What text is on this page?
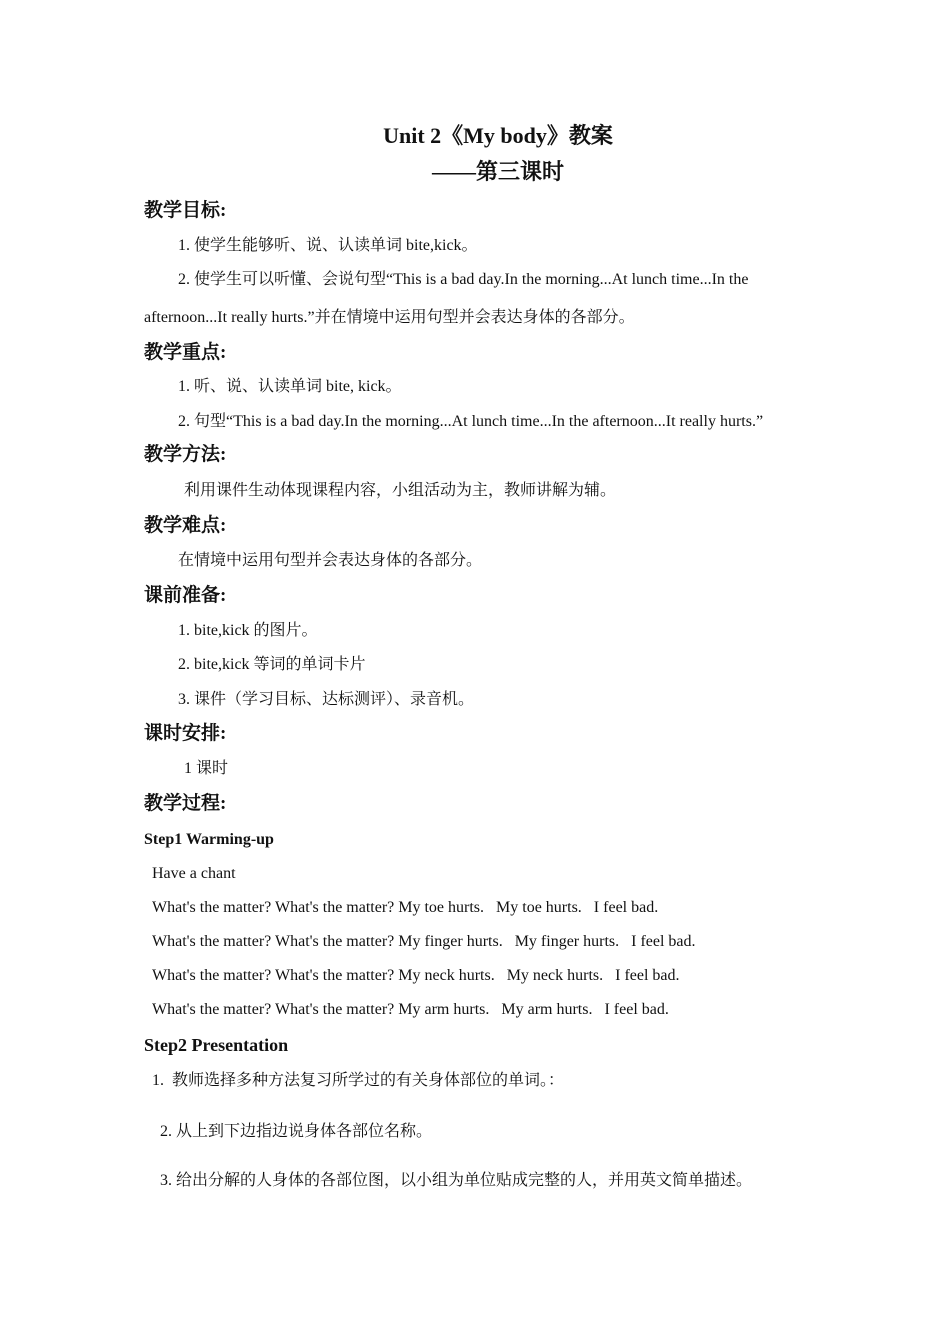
Unit 2《My body》教案
——第三课时
教学目标:
1. 使学生能够听、说、认读单词 bite,kick。
2. 使学生可以听懂、会说句型“This is a bad day.In the morning...At lunch time...In the
afternoon...It really hurts.”并在情境中运用句型并会表达身体的各部分。
教学重点:
1. 听、说、认读单词 bite, kick。
2. 句型“This is a bad day.In the morning...At lunch time...In the afternoon...It really hurts.”
教学方法:
利用课件生动体现课程内容，小组活动为主，教师讲解为辅。
教学难点:
在情境中运用句型并会表达身体的各部分。
课前准备:
1. bite,kick 的图片。
2. bite,kick 等词的单词卡片
3. 课件（学习目标、达标测评）、录音机。
课时安排:
1 课时
教学过程:
Step1 Warming-up
Have a chant
What's the matter? What's the matter? My toe hurts.   My toe hurts.   I feel bad.
What's the matter? What's the matter? My finger hurts.   My finger hurts.   I feel bad.
What's the matter? What's the matter? My neck hurts.   My neck hurts.   I feel bad.
What's the matter? What's the matter? My arm hurts.   My arm hurts.   I feel bad.
Step2 Presentation
1.  教师选择多种方法复习所学过的有关身体部位的单词。：
2. 从上到下边指边说身体各部位名称。
3. 给出分解的人身体的各部位图，以小组为单位贴成完整的人，并用英文简单描述。
